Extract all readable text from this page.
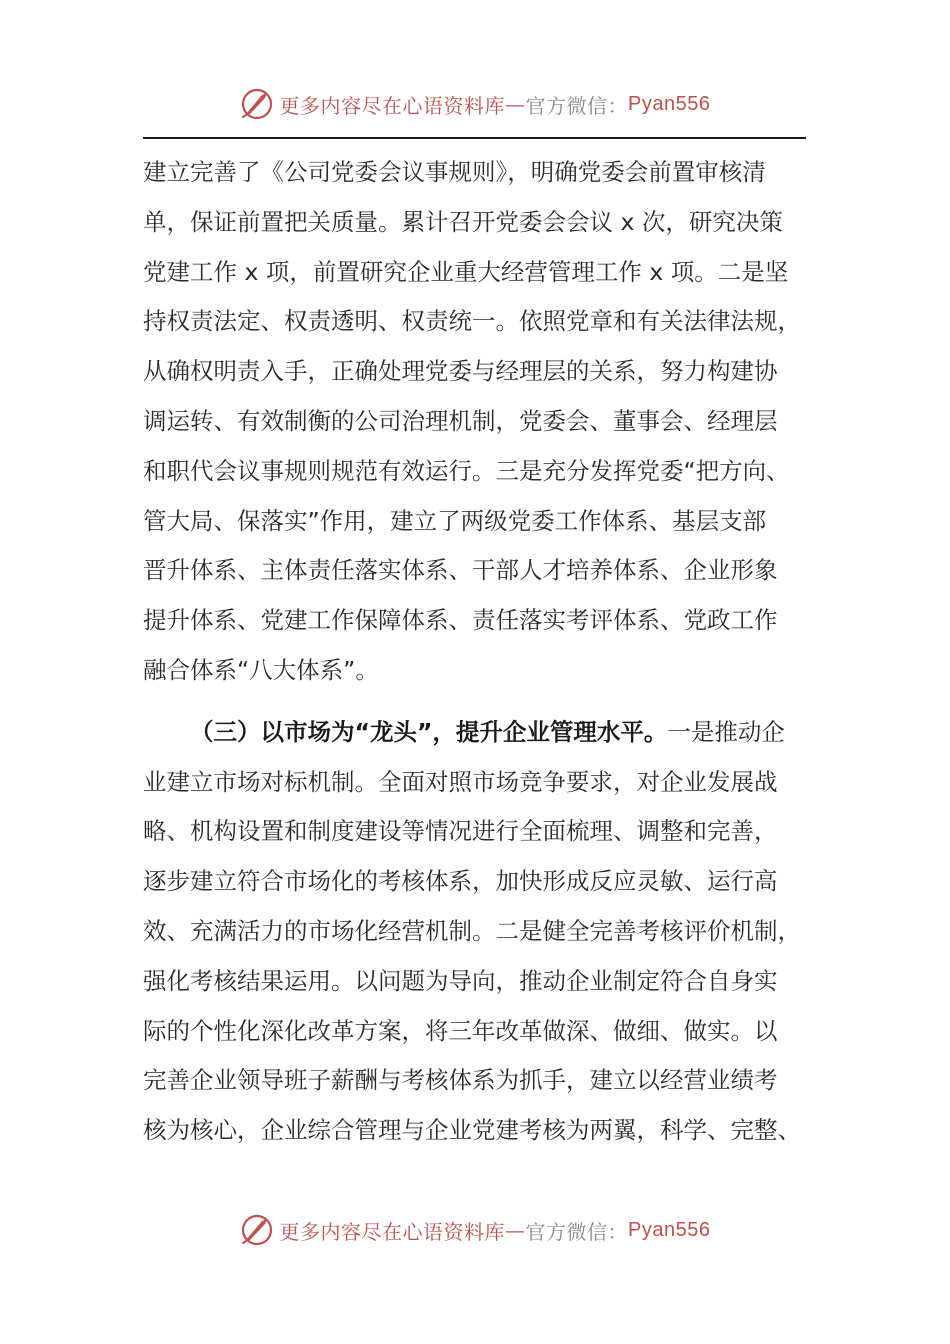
更多内容尽在心语资料库 — 官方微信： Pyan556
建立完善了《公司党委会议事规则》，明确党委会前置审核清
单，保证前置把关质量。累计召开党委会会议 x 次，研究决策
党建工作 x 项，前置研究企业重大经营管理工作 x 项。二是坚
持权责法定、权责透明、权责统一。依照党章和有关法律法规，
从确权明责入手，正确处理党委与经理层的关系，努力构建协
调运转、有效制衡的公司治理机制，党委会、董事会、经理层
和职代会议事规则规范有效运行。三是充分发挥党委“把方向、
管大局、保落实”作用，建立了两级党委工作体系、基层支部
晋升体系、主体责任落实体系、干部人才培养体系、企业形象
提升体系、党建工作保障体系、责任落实考评体系、党政工作
融合体系“八大体系”。
（三）以市场为“龙头”，提升企业管理水平。一是推动企
业建立市场对标机制。全面对照市场竞争要求，对企业发展战
略、机构设置和制度建设等情况进行全面梳理、调整和完善，
逐步建立符合市场化的考核体系，加快形成反应灵敏、运行高
效、充满活力的市场化经营机制。二是健全完善考核评价机制，
强化考核结果运用。以问题为导向，推动企业制定符合自身实
际的个性化深化改革方案，将三年改革做深、做细、做实。以
完善企业领导班子薪酬与考核体系为抓手，建立以经营业绩考
核为核心，企业综合管理与企业党建考核为两翼，科学、完整、
更多内容尽在心语资料库 — 官方微信： Pyan556
